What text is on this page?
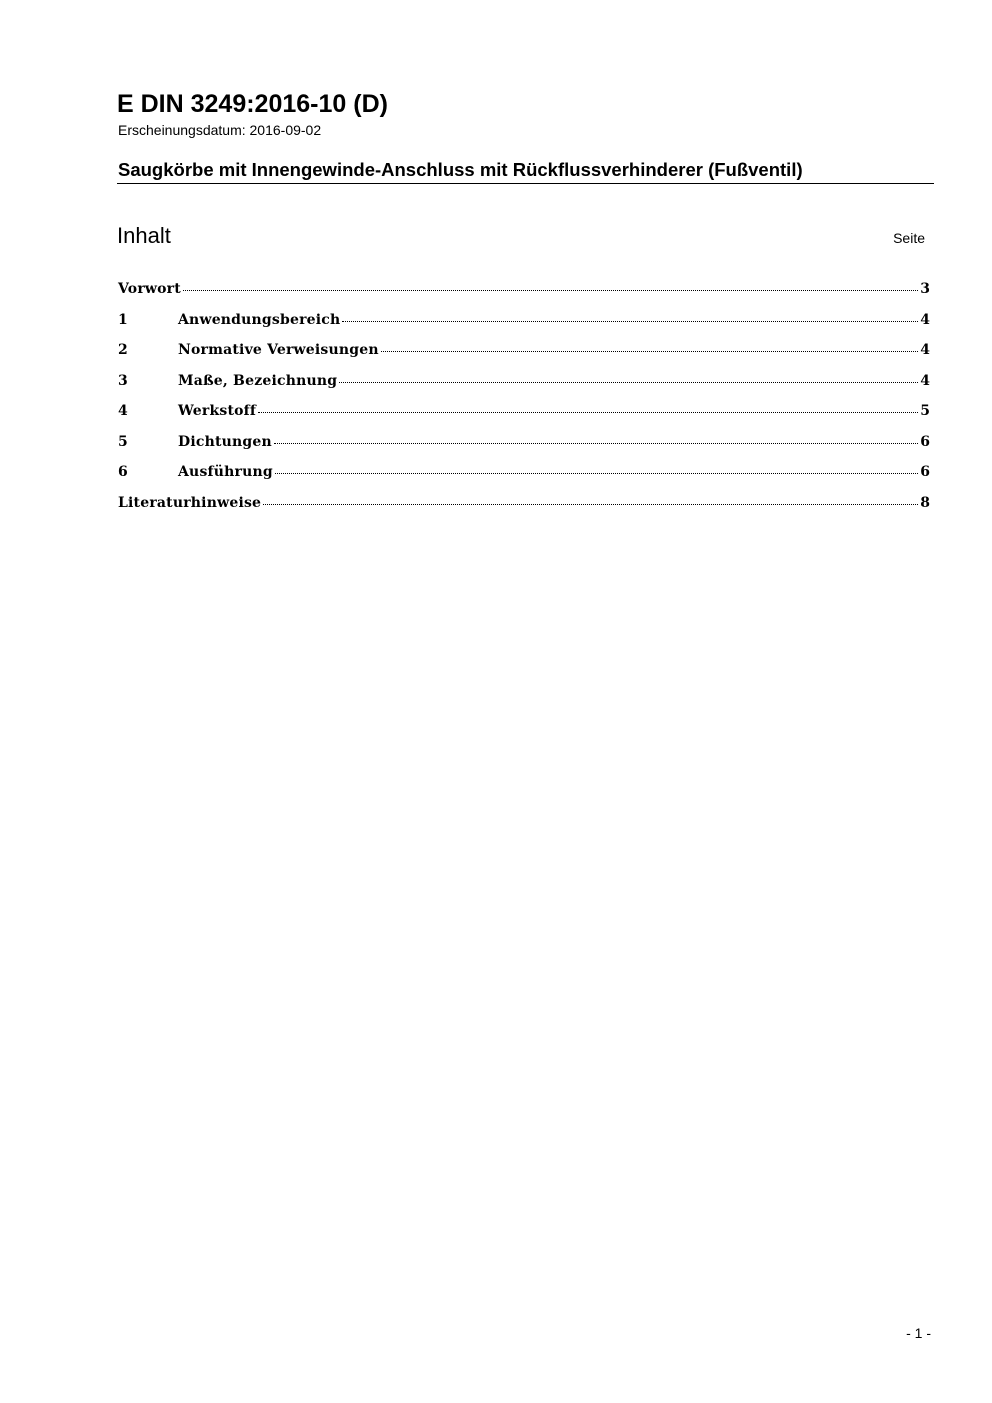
E DIN 3249:2016-10 (D)
Erscheinungsdatum: 2016-09-02
Saugkörbe mit Innengewinde-Anschluss mit Rückflussverhinderer (Fußventil)
Inhalt	Seite
Vorwort	3
1	Anwendungsbereich	4
2	Normative Verweisungen	4
3	Maße, Bezeichnung	4
4	Werkstoff	5
5	Dichtungen	6
6	Ausführung	6
Literaturhinweise	8
- 1 -
